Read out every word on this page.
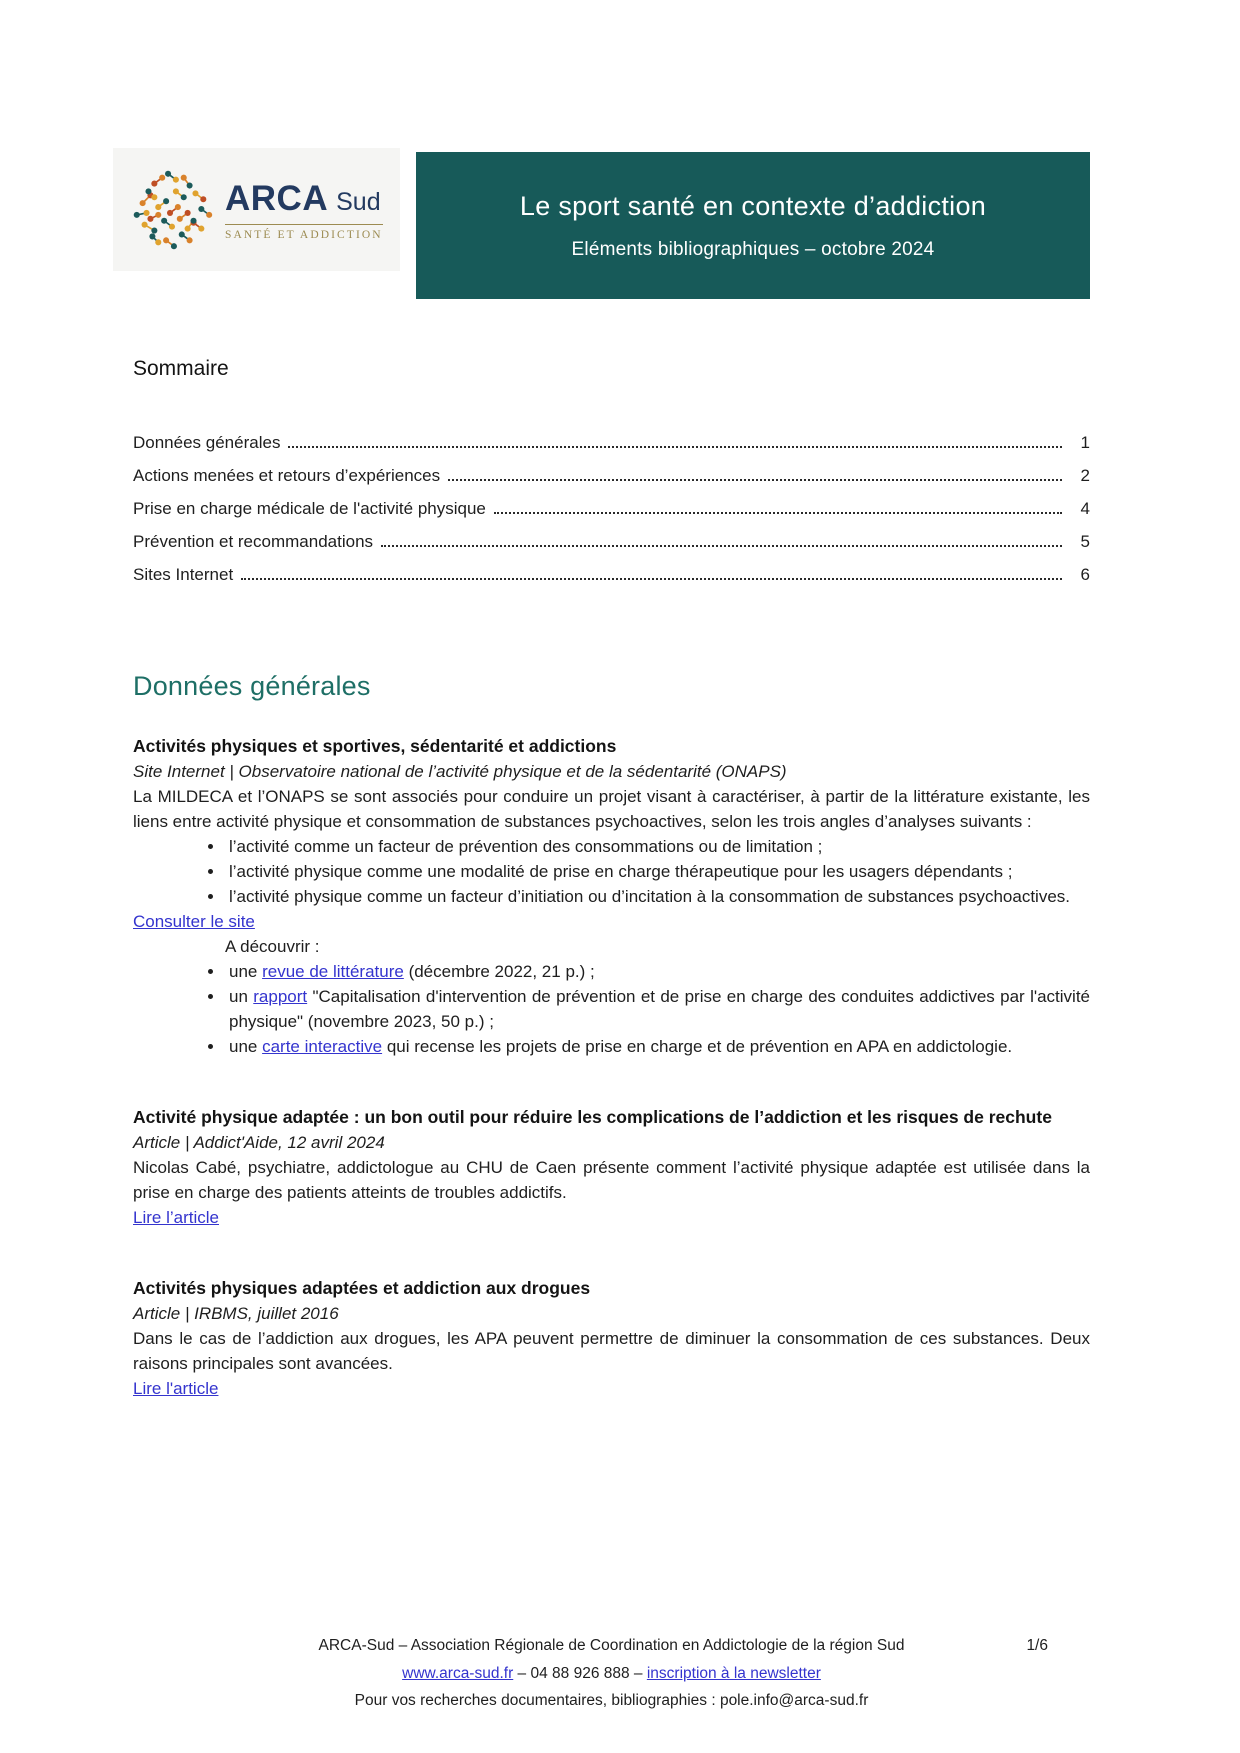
ARCA Sud
SANTÉ ET ADDICTION
Le sport santé en contexte d’addiction
Eléments bibliographiques – octobre 2024
Sommaire
Données générales	1
Actions menées et retours d’expériences	2
Prise en charge médicale de l'activité physique	4
Prévention et recommandations	5
Sites Internet	6
Données générales
Activités physiques et sportives, sédentarité et addictions
Site Internet | Observatoire national de l’activité physique et de la sédentarité (ONAPS)
La MILDECA et l’ONAPS se sont associés pour conduire un projet visant à caractériser, à partir de la littérature existante, les liens entre activité physique et consommation de substances psychoactives, selon les trois angles d’analyses suivants :
• l’activité comme un facteur de prévention des consommations ou de limitation ;
• l’activité physique comme une modalité de prise en charge thérapeutique pour les usagers dépendants ;
• l’activité physique comme un facteur d’initiation ou d’incitation à la consommation de substances psychoactives.
Consulter le site
A découvrir :
• une revue de littérature (décembre 2022, 21 p.) ;
• un rapport "Capitalisation d'intervention de prévention et de prise en charge des conduites addictives par l'activité physique" (novembre 2023, 50 p.) ;
• une carte interactive qui recense les projets de prise en charge et de prévention en APA en addictologie.
Activité physique adaptée : un bon outil pour réduire les complications de l’addiction et les risques de rechute
Article | Addict'Aide, 12 avril 2024
Nicolas Cabé, psychiatre, addictologue au CHU de Caen présente comment l’activité physique adaptée est utilisée dans la prise en charge des patients atteints de troubles addictifs.
Lire l’article
Activités physiques adaptées et addiction aux drogues
Article | IRBMS, juillet 2016
Dans le cas de l’addiction aux drogues, les APA peuvent permettre de diminuer la consommation de ces substances. Deux raisons principales sont avancées.
Lire l'article
ARCA-Sud – Association Régionale de Coordination en Addictologie de la région Sud
www.arca-sud.fr – 04 88 926 888 – inscription à la newsletter
Pour vos recherches documentaires, bibliographies : pole.info@arca-sud.fr
1/6
